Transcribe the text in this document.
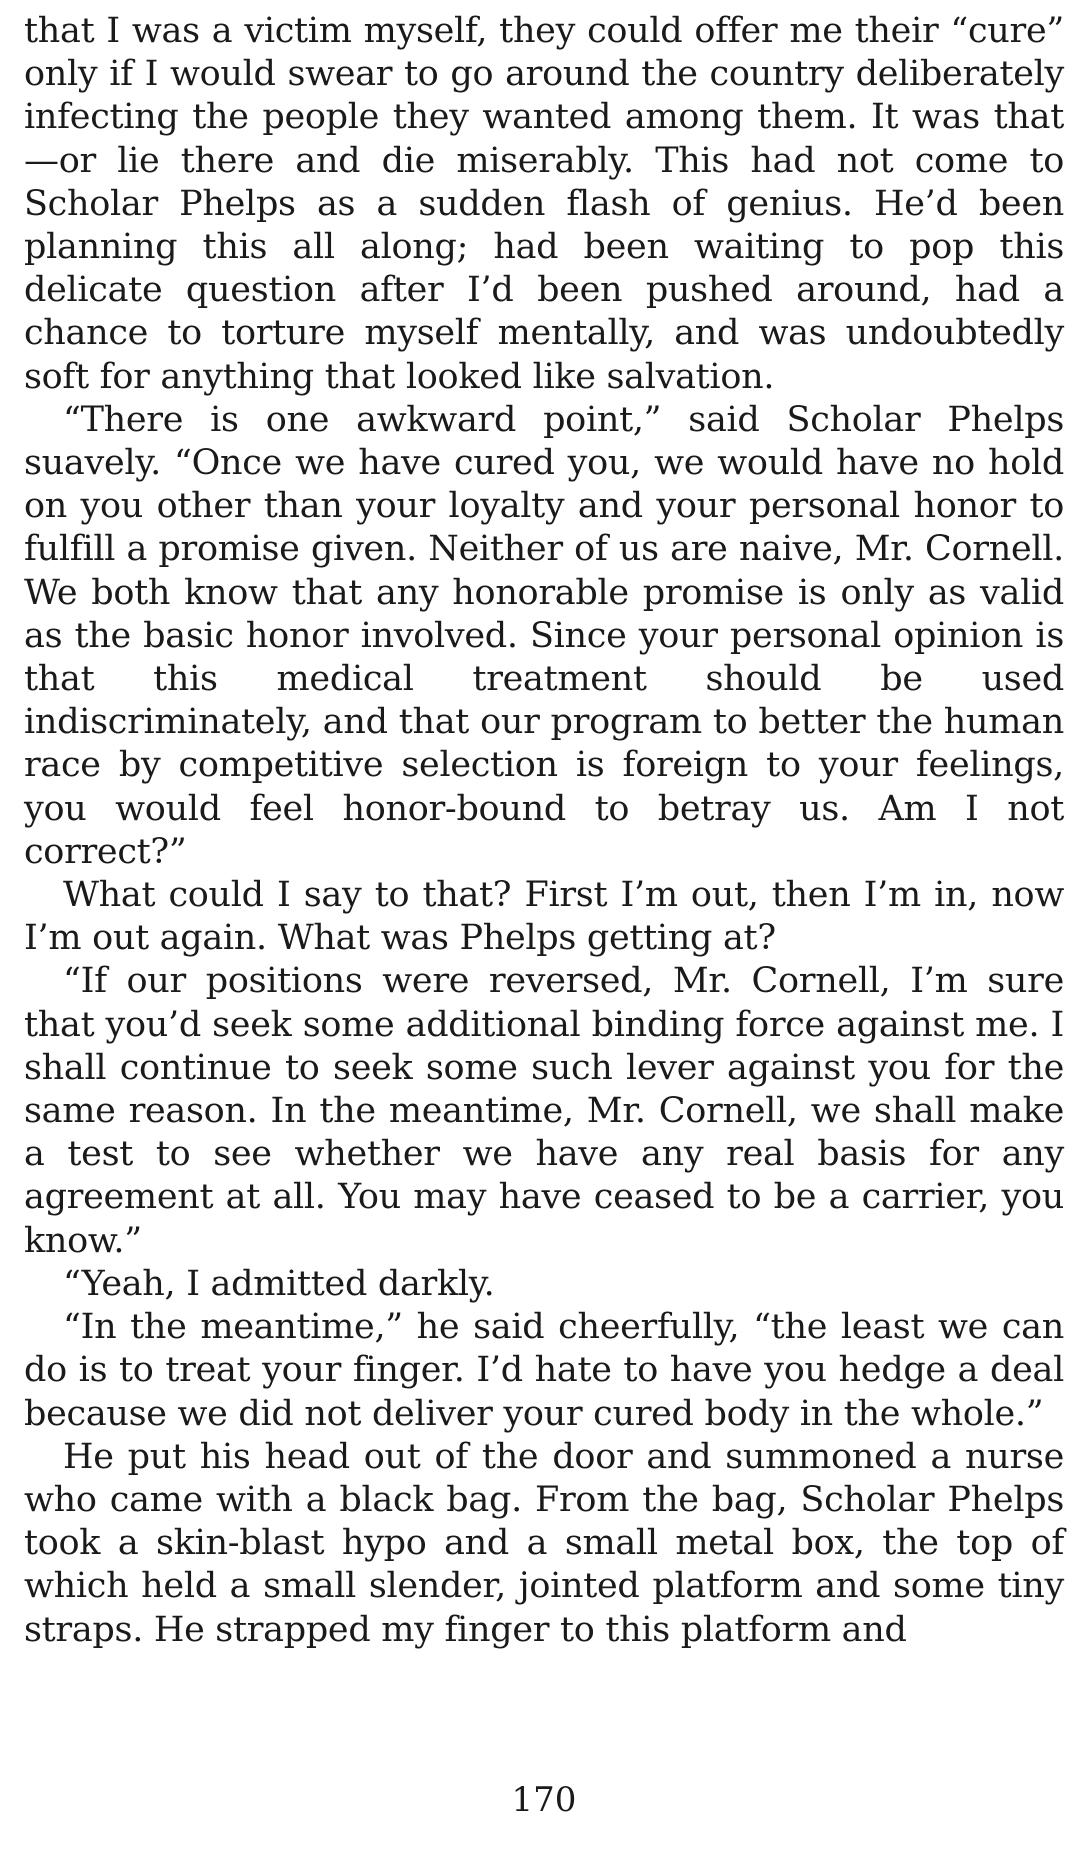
that I was a victim myself, they could offer me their “cure” only if I would swear to go around the country deliberately infecting the people they wanted among them. It was that—or lie there and die miserably. This had not come to Scholar Phelps as a sudden flash of genius. He’d been planning this all along; had been waiting to pop this delicate question after I’d been pushed around, had a chance to torture myself mentally, and was undoubtedly soft for anything that looked like salvation.

“There is one awkward point,” said Scholar Phelps suavely. “Once we have cured you, we would have no hold on you other than your loyalty and your personal honor to fulfill a promise given. Neither of us are naive, Mr. Cornell. We both know that any honorable promise is only as valid as the basic honor involved. Since your personal opinion is that this medical treatment should be used indiscriminately, and that our program to better the human race by competitive selection is foreign to your feelings, you would feel honor-bound to betray us. Am I not correct?”

What could I say to that? First I’m out, then I’m in, now I’m out again. What was Phelps getting at?

“If our positions were reversed, Mr. Cornell, I’m sure that you’d seek some additional binding force against me. I shall continue to seek some such lever against you for the same reason. In the meantime, Mr. Cornell, we shall make a test to see whether we have any real basis for any agreement at all. You may have ceased to be a carrier, you know.”

“Yeah, I admitted darkly.

“In the meantime,” he said cheerfully, “the least we can do is to treat your finger. I’d hate to have you hedge a deal because we did not deliver your cured body in the whole.”

He put his head out of the door and summoned a nurse who came with a black bag. From the bag, Scholar Phelps took a skin-blast hypo and a small metal box, the top of which held a small slender, jointed platform and some tiny straps. He strapped my finger to this platform and

170
